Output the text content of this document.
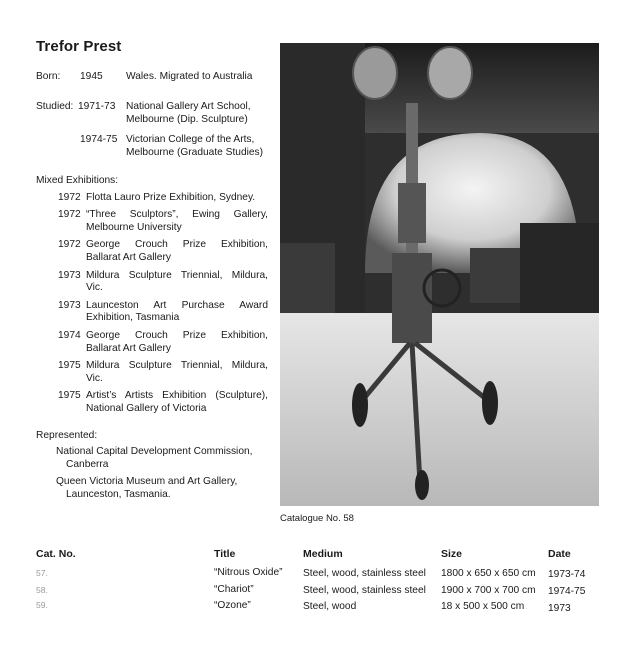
Trefor Prest
Born: 1945 Wales. Migrated to Australia
Studied: 1971-73 National Gallery Art School,
Melbourne (Dip. Sculpture)
1974-75 Victorian College of the Arts,
Melbourne (Graduate Studies)
Mixed Exhibitions:
1972 Flotta Lauro Prize Exhibition, Sydney.
1972 “Three Sculptors”, Ewing Gallery, Melbourne University
1972 George Crouch Prize Exhibition, Ballarat Art Gallery
1973 Mildura Sculpture Triennial, Mildura, Vic.
1973 Launceston Art Purchase Award Exhibition, Tasmania
1974 George Crouch Prize Exhibition, Ballarat Art Gallery
1975 Mildura Sculpture Triennial, Mildura, Vic.
1975 Artist’s Artists Exhibition (Sculpture), National Gallery of Victoria
Represented:
National Capital Development Commission,
Canberra
Queen Victoria Museum and Art Gallery,
Launceston, Tasmania.
Catalogue No. 58
Cat. No.	Title	Medium	Size	Date
57.	“Nitrous Oxide” Steel, wood, stainless steel 1800 x 650 x 650 cm 1973-74
58.	“Chariot”	Steel, wood, stainless steel 1900 x 700 x 700 cm 1974-75
59.	“Ozone”	Steel, wood	18 x 500 x 500 cm 1973
